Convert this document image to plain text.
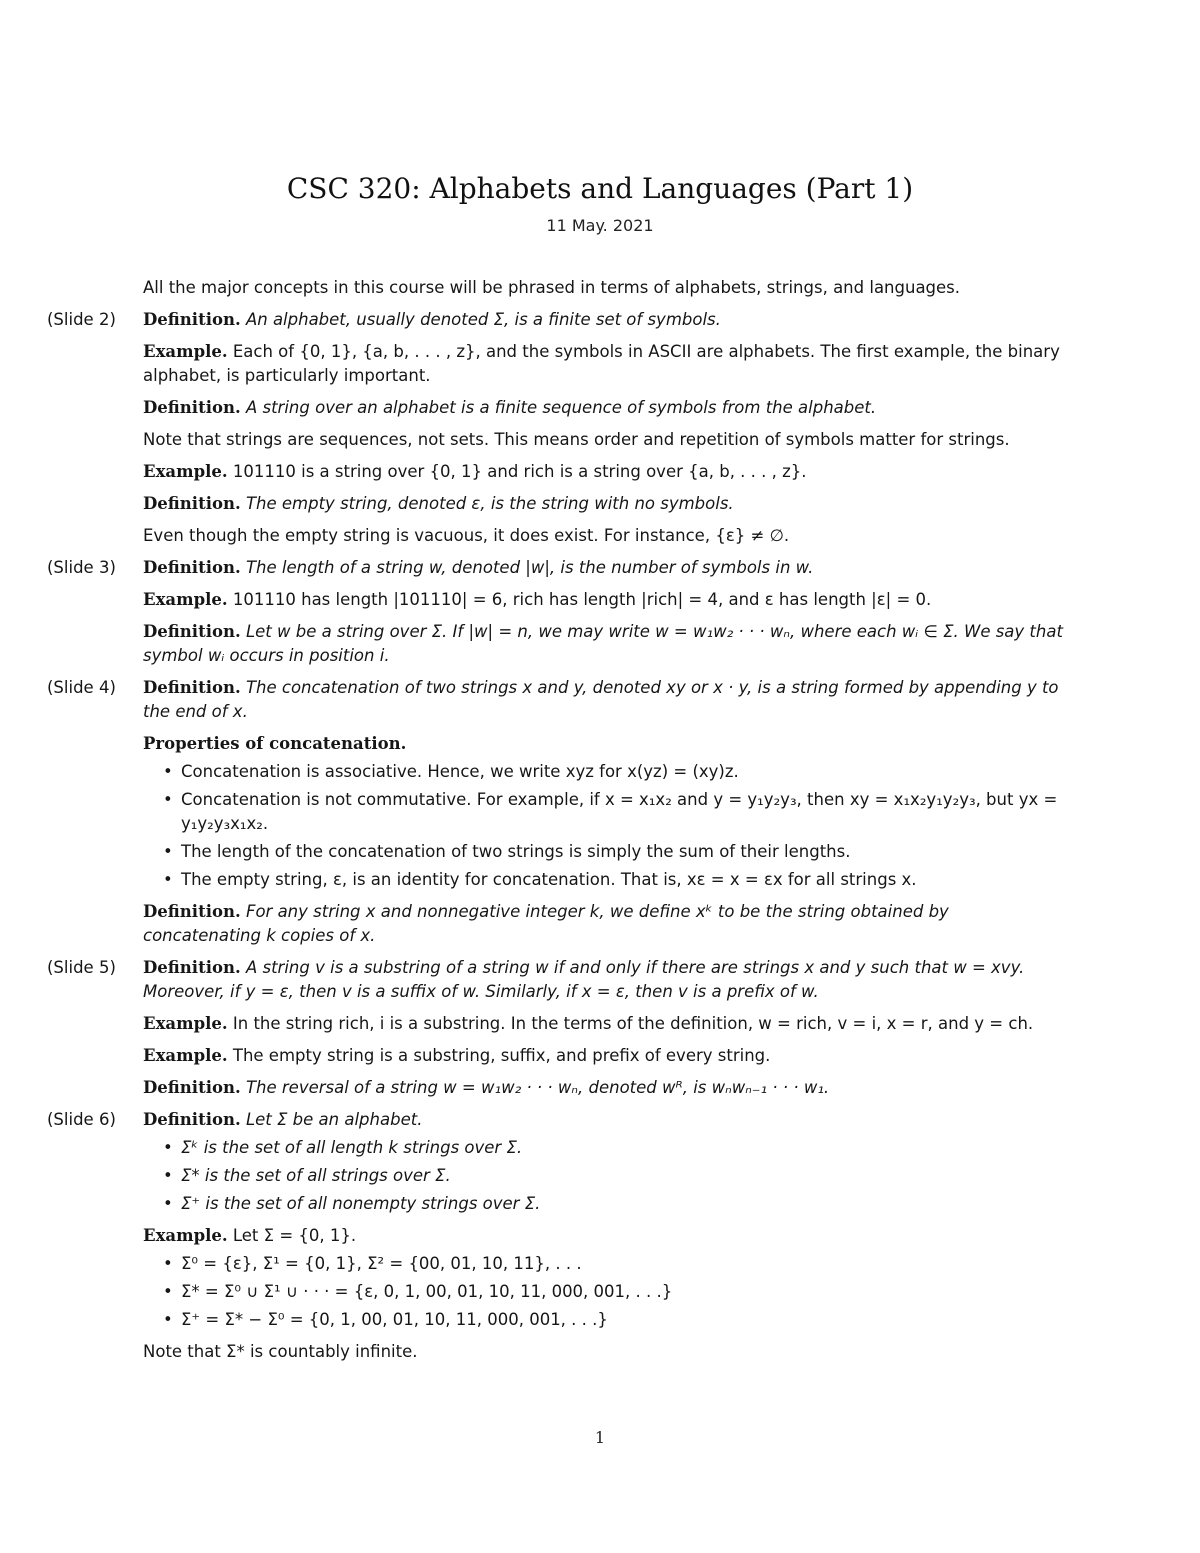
CSC 320: Alphabets and Languages (Part 1)
11 May. 2021

All the major concepts in this course will be phrased in terms of alphabets, strings, and languages.

(Slide 2) Definition. An alphabet, usually denoted Σ, is a finite set of symbols.

Example. Each of {0, 1}, {a, b, . . . , z}, and the symbols in ASCII are alphabets. The first example, the binary alphabet, is particularly important.

Definition. A string over an alphabet is a finite sequence of symbols from the alphabet.

Note that strings are sequences, not sets. This means order and repetition of symbols matter for strings.

Example. 101110 is a string over {0, 1} and rich is a string over {a, b, . . . , z}.

Definition. The empty string, denoted ε, is the string with no symbols.

Even though the empty string is vacuous, it does exist. For instance, {ε} ≠ ∅.

(Slide 3) Definition. The length of a string w, denoted |w|, is the number of symbols in w.

Example. 101110 has length |101110| = 6, rich has length |rich| = 4, and ε has length |ε| = 0.

Definition. Let w be a string over Σ. If |w| = n, we may write w = w₁w₂ · · · wₙ, where each wᵢ ∈ Σ. We say that symbol wᵢ occurs in position i.

(Slide 4) Definition. The concatenation of two strings x and y, denoted xy or x · y, is a string formed by appending y to the end of x.

Properties of concatenation.

• Concatenation is associative. Hence, we write xyz for x(yz) = (xy)z.
• Concatenation is not commutative. For example, if x = x₁x₂ and y = y₁y₂y₃, then xy = x₁x₂y₁y₂y₃, but yx = y₁y₂y₃x₁x₂.
• The length of the concatenation of two strings is simply the sum of their lengths.
• The empty string, ε, is an identity for concatenation. That is, xε = x = εx for all strings x.

Definition. For any string x and nonnegative integer k, we define xᵏ to be the string obtained by concatenating k copies of x.

(Slide 5) Definition. A string v is a substring of a string w if and only if there are strings x and y such that w = xvy. Moreover, if y = ε, then v is a suffix of w. Similarly, if x = ε, then v is a prefix of w.

Example. In the string rich, i is a substring. In the terms of the definition, w = rich, v = i, x = r, and y = ch.

Example. The empty string is a substring, suffix, and prefix of every string.

Definition. The reversal of a string w = w₁w₂ · · · wₙ, denoted wᴿ, is wₙwₙ₋₁ · · · w₁.

(Slide 6) Definition. Let Σ be an alphabet.

• Σᵏ is the set of all length k strings over Σ.
• Σ* is the set of all strings over Σ.
• Σ⁺ is the set of all nonempty strings over Σ.

Example. Let Σ = {0, 1}.

• Σ⁰ = {ε}, Σ¹ = {0, 1}, Σ² = {00, 01, 10, 11}, . . .
• Σ* = Σ⁰ ∪ Σ¹ ∪ · · · = {ε, 0, 1, 00, 01, 10, 11, 000, 001, . . .}
• Σ⁺ = Σ* − Σ⁰ = {0, 1, 00, 01, 10, 11, 000, 001, . . .}

Note that Σ* is countably infinite.

1
